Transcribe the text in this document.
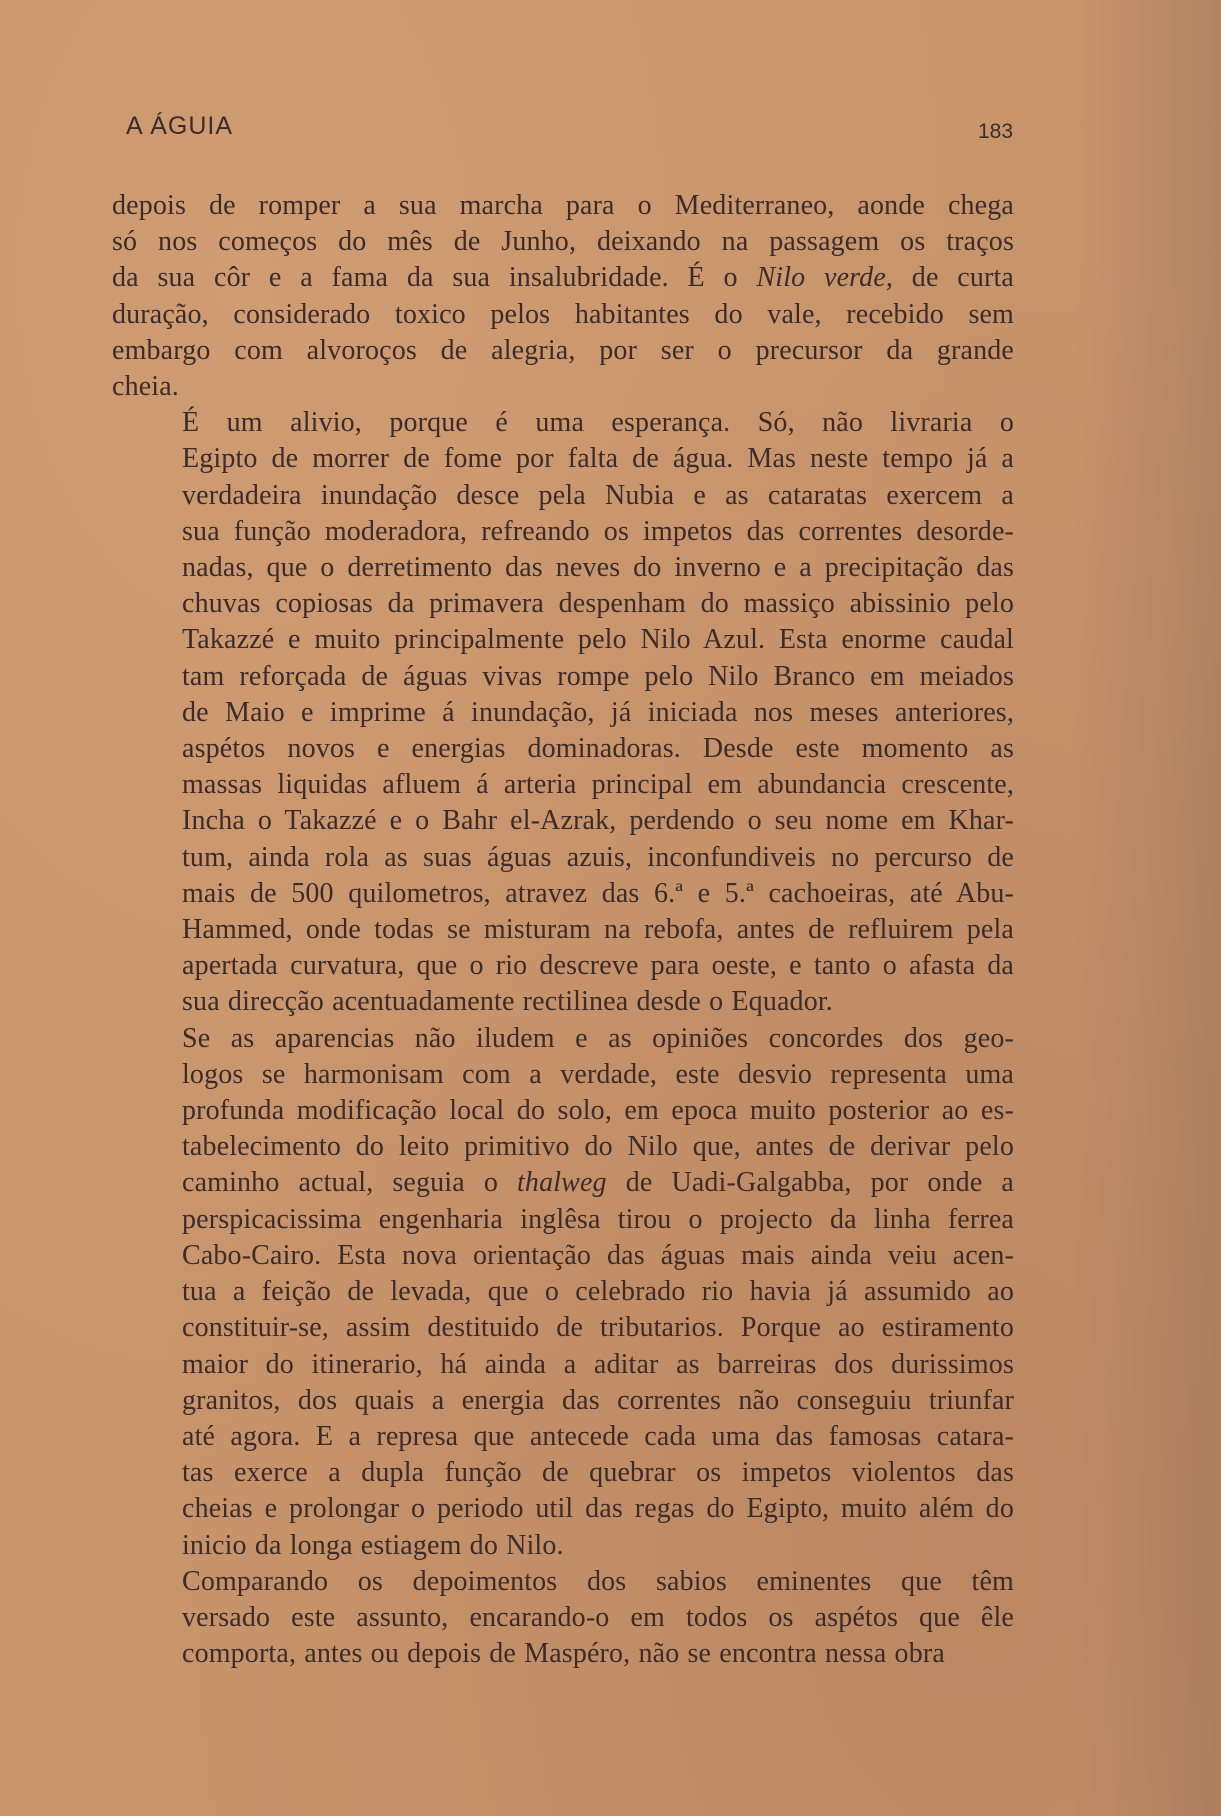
A ÁGUIA	183

depois de romper a sua marcha para o Mediterraneo, aonde chega
só nos começos do mês de Junho, deixando na passagem os traços
da sua côr e a fama da sua insalubridade. É o Nilo verde, de curta
duração, considerado toxico pelos habitantes do vale, recebido sem
embargo com alvoroços de alegria, por ser o precursor da grande
cheia.

É um alivio, porque é uma esperança. Só, não livraria o
Egipto de morrer de fome por falta de água. Mas neste tempo já a
verdadeira inundação desce pela Nubia e as cataratas exercem a
sua função moderadora, refreando os impetos das correntes desorde-
nadas, que o derretimento das neves do inverno e a precipitação das
chuvas copiosas da primavera despenham do massiço abissinio pelo
Takazzé e muito principalmente pelo Nilo Azul. Esta enorme caudal
tam reforçada de águas vivas rompe pelo Nilo Branco em meiados
de Maio e imprime á inundação, já iniciada nos meses anteriores,
aspétos novos e energias dominadoras. Desde este momento as
massas liquidas afluem á arteria principal em abundancia crescente,
Incha o Takazzé e o Bahr el-Azrak, perdendo o seu nome em Khar-
tum, ainda rola as suas águas azuis, inconfundiveis no percurso de
mais de 500 quilometros, atravez das 6.ª e 5.ª cachoeiras, até Abu-
Hammed, onde todas se misturam na rebofa, antes de refluirem pela
apertada curvatura, que o rio descreve para oeste, e tanto o afasta da
sua direcção acentuadamente rectilinea desde o Equador.

Se as aparencias não iludem e as opiniões concordes dos geo-
logos se harmonisam com a verdade, este desvio representa uma
profunda modificação local do solo, em epoca muito posterior ao es-
tabelecimento do leito primitivo do Nilo que, antes de derivar pelo
caminho actual, seguia o thalweg de Uadi-Galgabba, por onde a
perspicacissima engenharia inglêsa tirou o projecto da linha ferrea
Cabo-Cairo. Esta nova orientação das águas mais ainda veiu acen-
tua a feição de levada, que o celebrado rio havia já assumido ao
constituir-se, assim destituido de tributarios. Porque ao estiramento
maior do itinerario, há ainda a aditar as barreiras dos durissimos
granitos, dos quais a energia das correntes não conseguiu triunfar
até agora. E a represa que antecede cada uma das famosas catara-
tas exerce a dupla função de quebrar os impetos violentos das
cheias e prolongar o periodo util das regas do Egipto, muito além do
inicio da longa estiagem do Nilo.

Comparando os depoimentos dos sabios eminentes que têm
versado este assunto, encarando-o em todos os aspétos que êle
comporta, antes ou depois de Maspéro, não se encontra nessa obra
